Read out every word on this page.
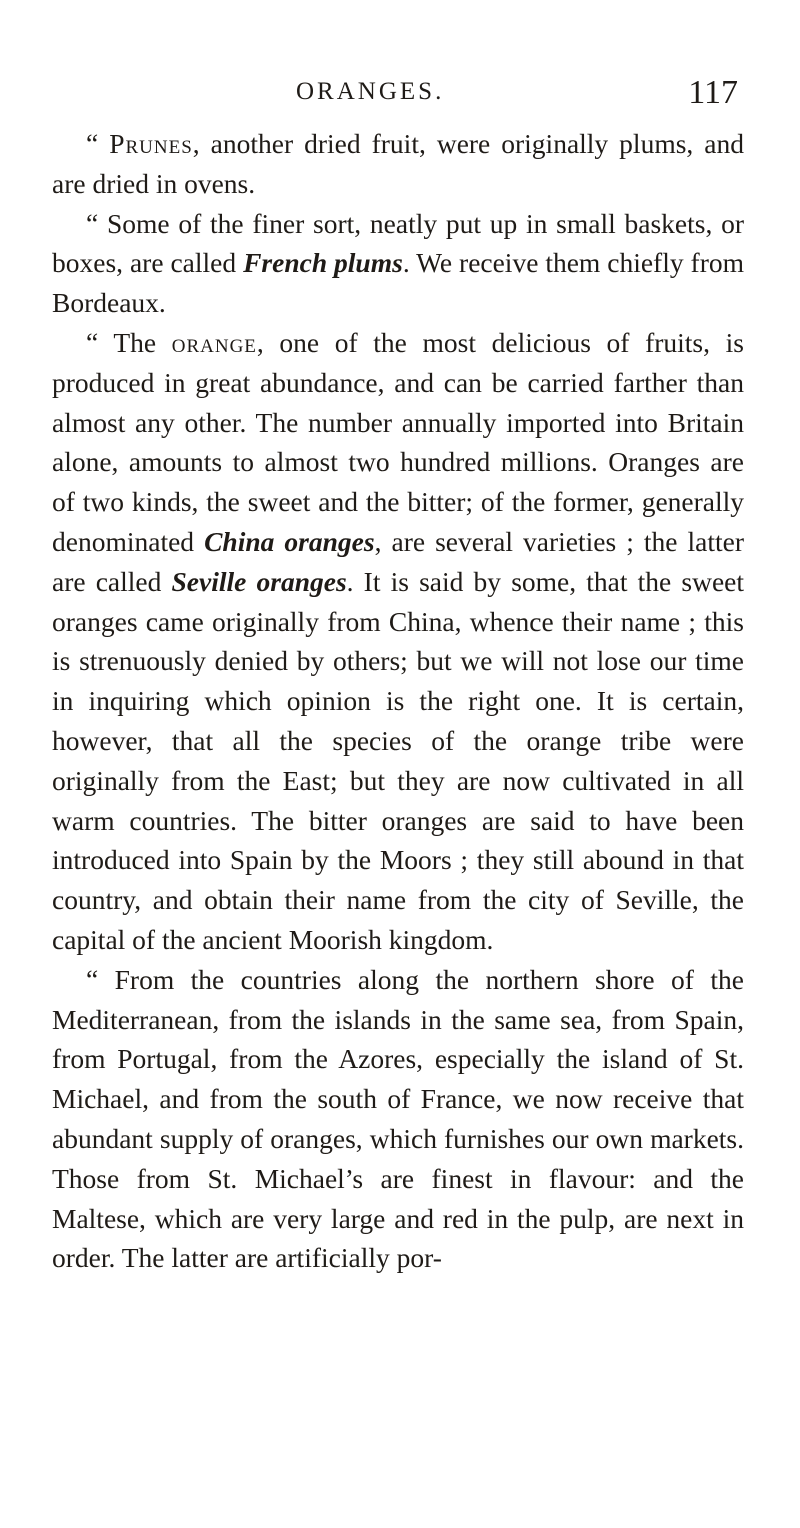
ORANGES.	117

“ Prunes, another dried fruit, were originally plums, and are dried in ovens.

“ Some of the finer sort, neatly put up in small baskets, or boxes, are called French plums. We receive them chiefly from Bordeaux.

“ The orange, one of the most delicious of fruits, is produced in great abundance, and can be carried farther than almost any other. The number annually imported into Britain alone, amounts to almost two hundred millions. Oranges are of two kinds, the sweet and the bitter; of the former, generally denominated China oranges, are several varieties ; the latter are called Seville oranges. It is said by some, that the sweet oranges came originally from China, whence their name ; this is strenuously denied by others; but we will not lose our time in inquiring which opinion is the right one. It is certain, however, that all the species of the orange tribe were originally from the East; but they are now cultivated in all warm countries. The bitter oranges are said to have been introduced into Spain by the Moors ; they still abound in that country, and obtain their name from the city of Seville, the capital of the ancient Moorish kingdom.

“ From the countries along the northern shore of the Mediterranean, from the islands in the same sea, from Spain, from Portugal, from the Azores, especially the island of St. Michael, and from the south of France, we now receive that abundant supply of oranges, which furnishes our own markets. Those from St. Michael’s are finest in flavour: and the Maltese, which are very large and red in the pulp, are next in order. The latter are artificially por-
